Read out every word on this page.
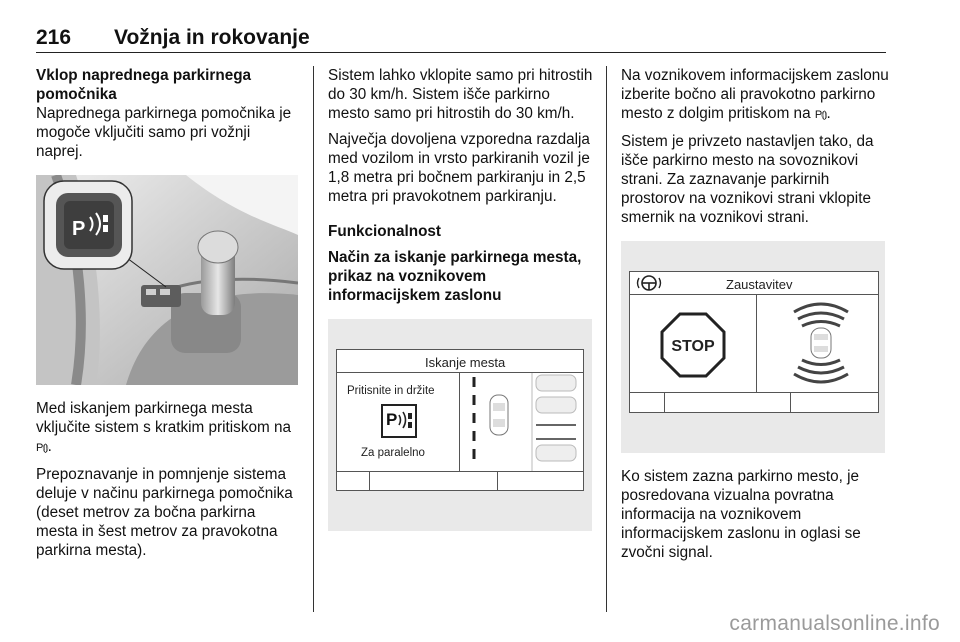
216 Vožnja in rokovanje

Vklop naprednega parkirnega pomočnika

Naprednega parkirnega pomočnika je mogoče vključiti samo pri vožnji naprej.

P

Med iskanjem parkirnega mesta vključite sistem s kratkim pritiskom na P⦅⦆.

Prepoznavanje in pomnjenje sistema deluje v načinu parkirnega pomočnika (deset metrov za bočna parkirna mesta in šest metrov za pravokotna parkirna mesta).

Sistem lahko vklopite samo pri hitrostih do 30 km/h. Sistem išče parkirno mesto samo pri hitrostih do 30 km/h.

Največja dovoljena vzporedna razdalja med vozilom in vrsto parkiranih vozil je 1,8 metra pri bočnem parkiranju in 2,5 metra pri pravokotnem parkiranju.

Funkcionalnost

Način za iskanje parkirnega mesta, prikaz na voznikovem informacijskem zaslonu

Iskanje mesta
Pritisnite in držite
P
Za paralelno

Na voznikovem informacijskem zaslonu izberite bočno ali pravokotno parkirno mesto z dolgim pritiskom na P⦅⦆.

Sistem je privzeto nastavljen tako, da išče parkirno mesto na sovoznikovi strani. Za zaznavanje parkirnih prostorov na voznikovi strani vklopite smernik na voznikovi strani.

Zaustavitev
STOP

Ko sistem zazna parkirno mesto, je posredovana vizualna povratna informacija na voznikovem informacijskem zaslonu in oglasi se zvočni signal.

carmanualsonline.info
